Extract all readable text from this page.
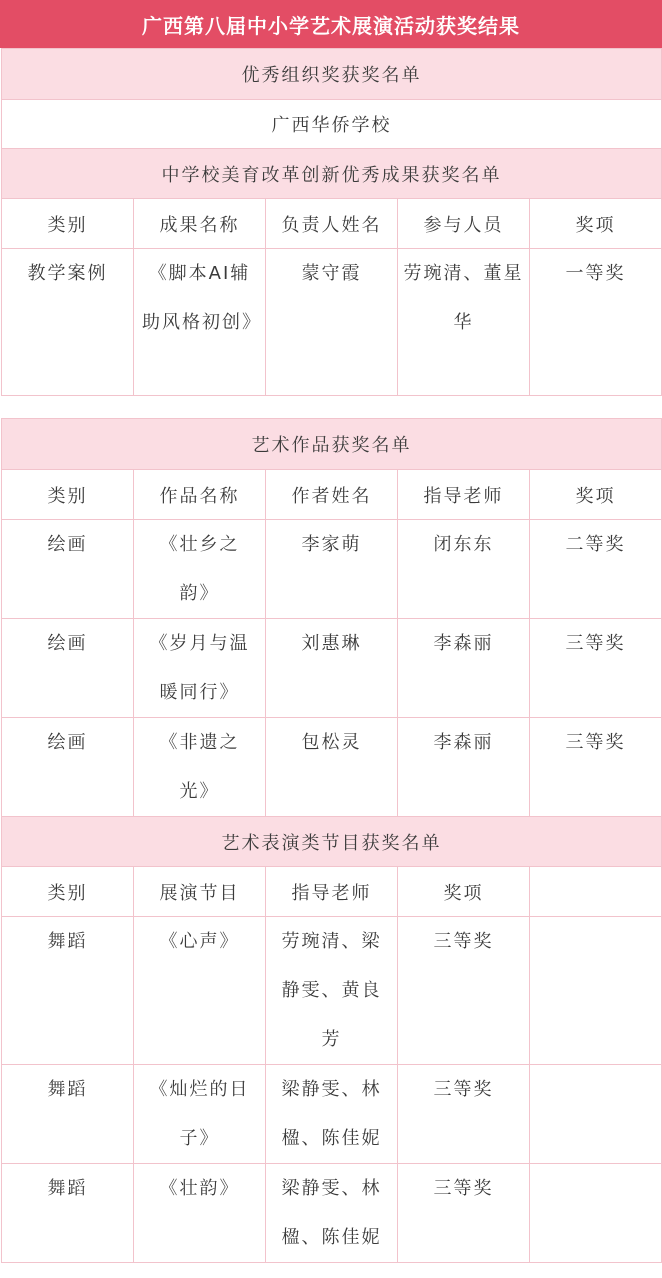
广西第八届中小学艺术展演活动获奖结果
优秀组织奖获奖名单				
广西华侨学校				
中学校美育改革创新优秀成果获奖名单				
类别	成果名称	负责人姓名	参与人员	奖项
教学案例	《脚本AI辅助风格初创》	蒙守霞	劳琬清、董星华	一等奖
艺术作品获奖名单				
类别	作品名称	作者姓名	指导老师	奖项
绘画	《壮乡之韵》	李家萌	闭东东	二等奖
绘画	《岁月与温暖同行》	刘惠琳	李森丽	三等奖
绘画	《非遗之光》	包松灵	李森丽	三等奖
艺术表演类节目获奖名单				
类别	展演节目	指导老师	奖项	
舞蹈	《心声》	劳琬清、梁静雯、黄良芳	三等奖	
舞蹈	《灿烂的日子》	梁静雯、林楹、陈佳妮	三等奖	
舞蹈	《壮韵》	梁静雯、林楹、陈佳妮	三等奖	
